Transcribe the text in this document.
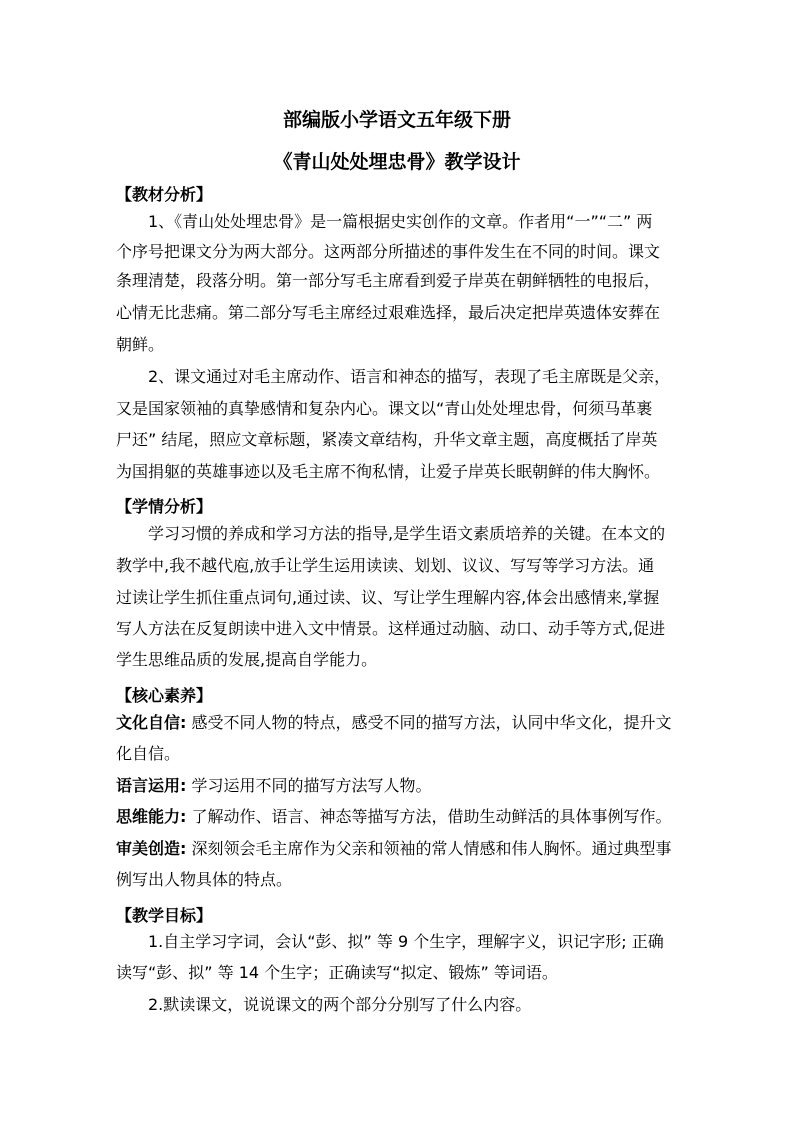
部编版小学语文五年级下册
《青山处处埋忠骨》教学设计
【教材分析】
1、《青山处处埋忠骨》是一篇根据史实创作的文章。作者用“一”“二” 两
个序号把课文分为两大部分。这两部分所描述的事件发生在不同的时间。课文
条理清楚，段落分明。第一部分写毛主席看到爱子岸英在朝鲜牺牲的电报后，
心情无比悲痛。第二部分写毛主席经过艰难选择，最后决定把岸英遗体安葬在
朝鲜。
2、课文通过对毛主席动作、语言和神态的描写，表现了毛主席既是父亲，
又是国家领袖的真挚感情和复杂内心。课文以“青山处处埋忠骨，何须马革裹
尸还” 结尾，照应文章标题，紧凑文章结构，升华文章主题，高度概括了岸英
为国捐躯的英雄事迹以及毛主席不徇私情，让爱子岸英长眠朝鲜的伟大胸怀。
【学情分析】
学习习惯的养成和学习方法的指导,是学生语文素质培养的关键。在本文的
教学中,我不越代庖,放手让学生运用读读、划划、议议、写写等学习方法。通
过读让学生抓住重点词句,通过读、议、写让学生理解内容,体会出感情来,掌握
写人方法在反复朗读中进入文中情景。这样通过动脑、动口、动手等方式,促进
学生思维品质的发展,提高自学能力。
【核心素养】
文化自信: 感受不同人物的特点，感受不同的描写方法，认同中华文化，提升文
化自信。
语言运用: 学习运用不同的描写方法写人物。
思维能力: 了解动作、语言、神态等描写方法，借助生动鲜活的具体事例写作。
审美创造: 深刻领会毛主席作为父亲和领袖的常人情感和伟人胸怀。通过典型事
例写出人物具体的特点。
【教学目标】
1.自主学习字词，会认“彭、拟” 等 9 个生字，理解字义，识记字形; 正确
读写“彭、拟” 等 14 个生字；正确读写“拟定、锻炼” 等词语。
2.默读课文，说说课文的两个部分分别写了什么内容。
